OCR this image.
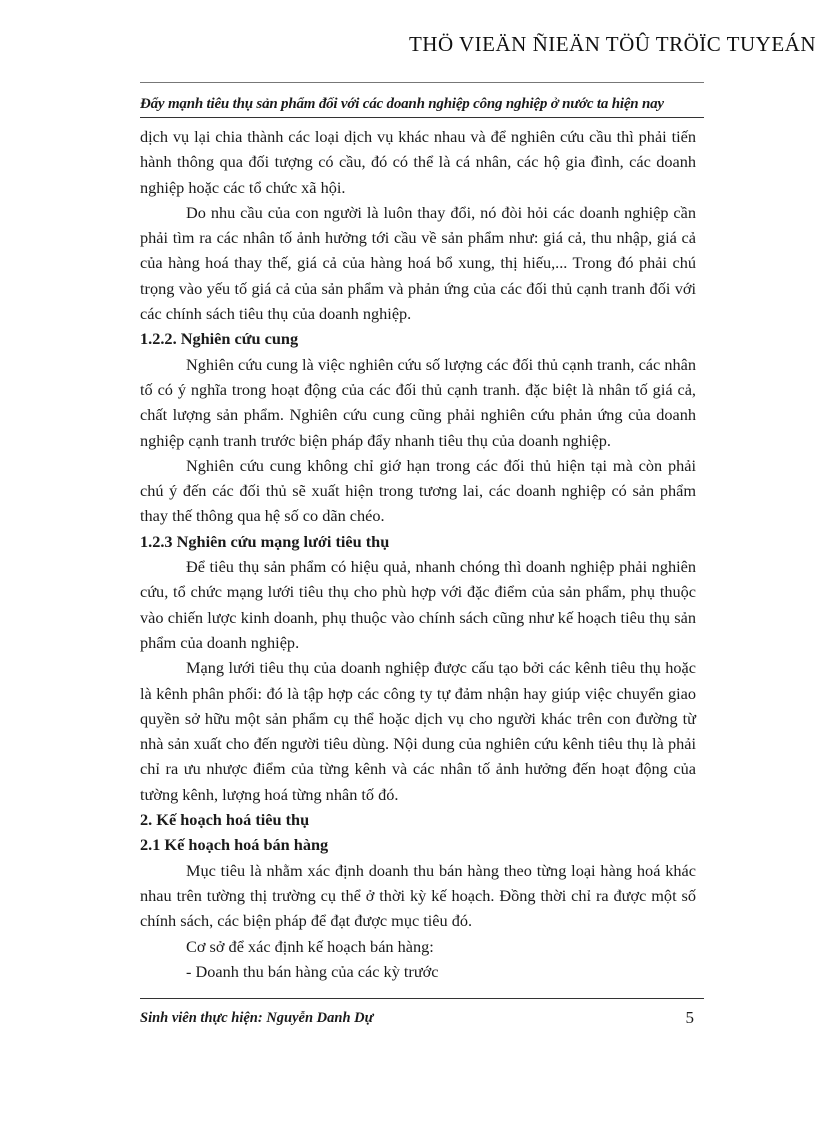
THÖ VIEÄN ÑIEÄN TÖÛ TRÖÏC TUYEÁN
Đẩy mạnh tiêu thụ sản phẩm đối với các doanh nghiệp công nghiệp ở nước ta hiện nay

dịch vụ lại chia thành các loại dịch vụ khác nhau và để nghiên cứu cầu thì phải tiến hành thông qua đối tượng có cầu, đó có thể là cá nhân, các hộ gia đình, các doanh nghiệp hoặc các tổ chức xã hội.

Do nhu cầu của con người là luôn thay đổi, nó đòi hỏi các doanh nghiệp cần phải tìm ra các nhân tố ảnh hưởng tới cầu về sản phẩm như: giá cả, thu nhập, giá cả của hàng hoá thay thế, giá cả của hàng hoá bổ xung, thị hiếu,... Trong đó phải chú trọng vào yếu tố giá cả của sản phẩm và phản ứng của các đối thủ cạnh tranh đối với các chính sách tiêu thụ của doanh nghiệp.

1.2.2. Nghiên cứu cung

Nghiên cứu cung là việc nghiên cứu số lượng các đối thủ cạnh tranh, các nhân tố có ý nghĩa trong hoạt động của các đối thủ cạnh tranh. đặc biệt là nhân tố giá cả, chất lượng sản phẩm. Nghiên cứu cung cũng phải nghiên cứu phản ứng của doanh nghiệp cạnh tranh trước biện pháp đẩy nhanh tiêu thụ của doanh nghiệp.

Nghiên cứu cung không chỉ giớ hạn trong các đối thủ hiện tại mà còn phải chú ý đến các đối thủ sẽ xuất hiện trong tương lai, các doanh nghiệp có sản phẩm thay thế thông qua hệ số co dãn chéo.

1.2.3 Nghiên cứu mạng lưới tiêu thụ

Để tiêu thụ sản phẩm có hiệu quả, nhanh chóng thì doanh nghiệp phải nghiên cứu, tổ chức mạng lưới tiêu thụ cho phù hợp với đặc điểm của sản phẩm, phụ thuộc vào chiến lược kinh doanh, phụ thuộc vào chính sách cũng như kế hoạch tiêu thụ sản phẩm của doanh nghiệp.

Mạng lưới tiêu thụ của doanh nghiệp được cấu tạo bởi các kênh tiêu thụ hoặc là kênh phân phối: đó là tập hợp các công ty tự đảm nhận hay giúp việc chuyển giao quyền sở hữu một sản phẩm cụ thể hoặc dịch vụ cho người khác trên con đường từ nhà sản xuất cho đến người tiêu dùng. Nội dung của nghiên cứu kênh tiêu thụ là phải chỉ ra ưu nhược điểm của từng kênh và các nhân tố ảnh hưởng đến hoạt động của tường kênh, lượng hoá từng nhân tố đó.

2. Kế hoạch hoá tiêu thụ
2.1 Kế hoạch hoá bán hàng

Mục tiêu là nhằm xác định doanh thu bán hàng theo từng loại hàng hoá khác nhau trên tường thị trường cụ thể ở thời kỳ kế hoạch. Đồng thời chỉ ra được một số chính sách, các biện pháp để đạt được mục tiêu đó.

Cơ sở để xác định kế hoạch bán hàng:

- Doanh thu bán hàng của các kỳ trước

Sinh viên thực hiện: Nguyễn Danh Dự	5
